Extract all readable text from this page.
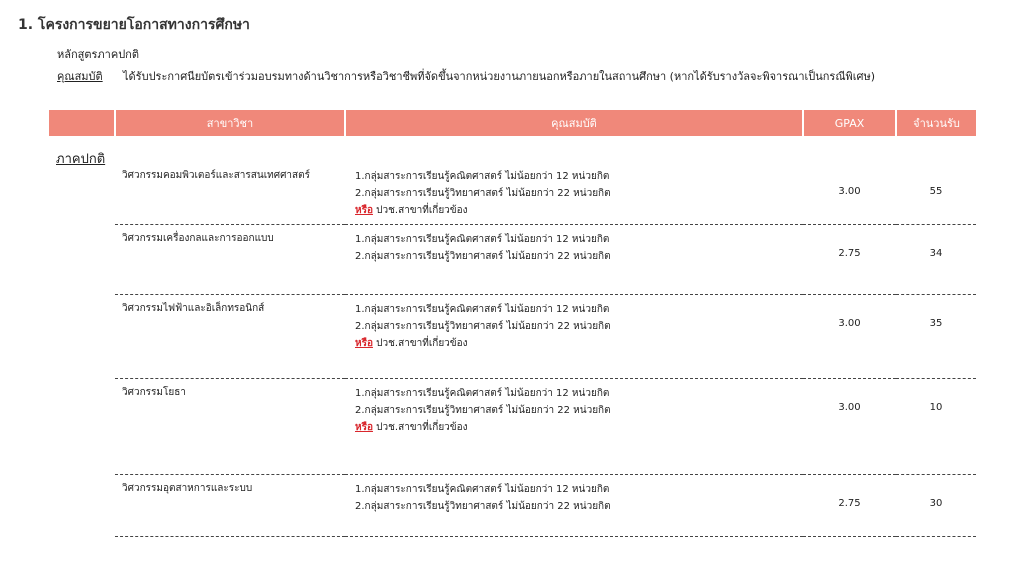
1. โครงการขยายโอกาสทางการศึกษา
หลักสูตรภาคปกติ
คุณสมบัติ ได้รับประกาศนียบัตรเข้าร่วมอบรมทางด้านวิชาการหรือวิชาชีพที่จัดขึ้นจากหน่วยงานภายนอกหรือภายในสถานศึกษา (หากได้รับรางวัลจะพิจารณาเป็นกรณีพิเศษ)
	สาขาวิชา	คุณสมบัติ	GPAX	จำนวนรับ
ภาคปกติ	วิศวกรรมคอมพิวเตอร์และสารสนเทศศาสตร์	1.กลุ่มสาระการเรียนรู้คณิตศาสตร์ ไม่น้อยกว่า 12 หน่วยกิต
2.กลุ่มสาระการเรียนรู้วิทยาศาสตร์ ไม่น้อยกว่า 22 หน่วยกิต
หรือ ปวช.สาขาที่เกี่ยวข้อง	3.00	55
	วิศวกรรมเครื่องกลและการออกแบบ	1.กลุ่มสาระการเรียนรู้คณิตศาสตร์ ไม่น้อยกว่า 12 หน่วยกิต
2.กลุ่มสาระการเรียนรู้วิทยาศาสตร์ ไม่น้อยกว่า 22 หน่วยกิต	2.75	34
	วิศวกรรมไฟฟ้าและอิเล็กทรอนิกส์	1.กลุ่มสาระการเรียนรู้คณิตศาสตร์ ไม่น้อยกว่า 12 หน่วยกิต
2.กลุ่มสาระการเรียนรู้วิทยาศาสตร์ ไม่น้อยกว่า 22 หน่วยกิต
หรือ ปวช.สาขาที่เกี่ยวข้อง	3.00	35
	วิศวกรรมโยธา	1.กลุ่มสาระการเรียนรู้คณิตศาสตร์ ไม่น้อยกว่า 12 หน่วยกิต
2.กลุ่มสาระการเรียนรู้วิทยาศาสตร์ ไม่น้อยกว่า 22 หน่วยกิต
หรือ ปวช.สาขาที่เกี่ยวข้อง	3.00	10
	วิศวกรรมอุตสาหการและระบบ	1.กลุ่มสาระการเรียนรู้คณิตศาสตร์ ไม่น้อยกว่า 12 หน่วยกิต
2.กลุ่มสาระการเรียนรู้วิทยาศาสตร์ ไม่น้อยกว่า 22 หน่วยกิต	2.75	30
